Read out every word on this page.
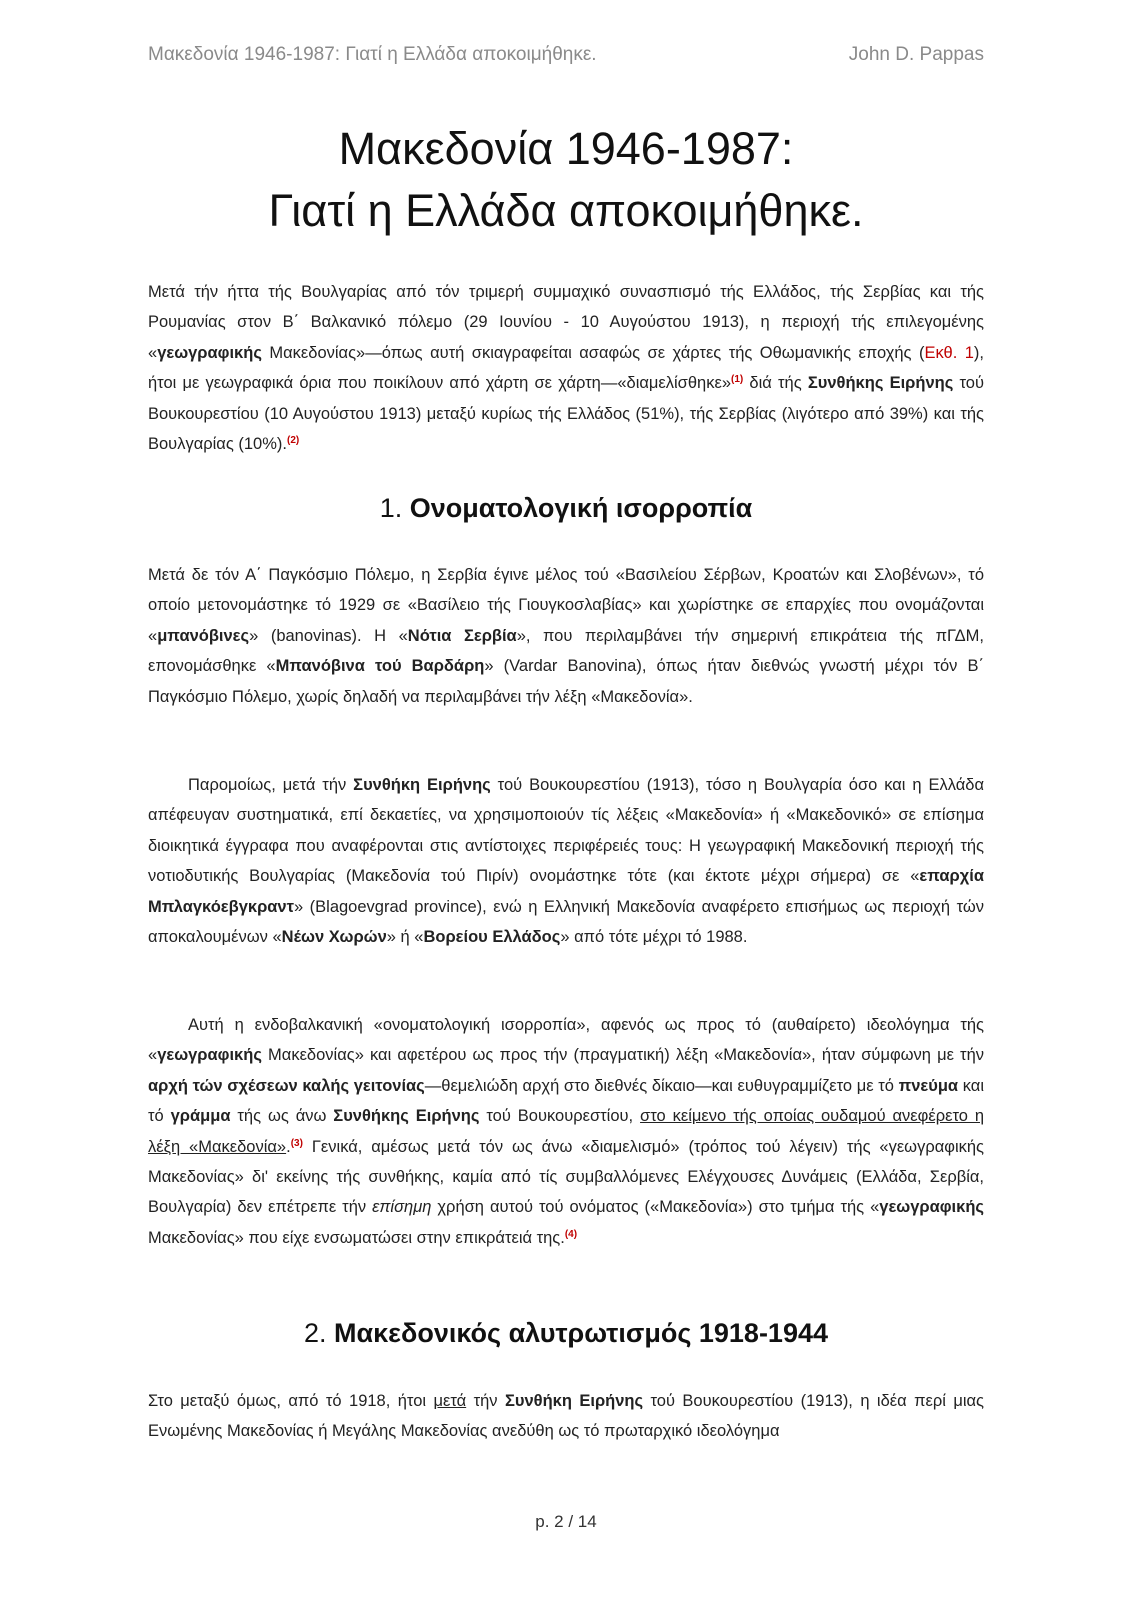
Μακεδονία 1946-1987: Γιατί η Ελλάδα αποκοιμήθηκε.	John D. Pappas
Μακεδονία 1946-1987:
Γιατί η Ελλάδα αποκοιμήθηκε.

Μετά τήν ήττα τής Βουλγαρίας από τόν τριμερή συμμαχικό συνασπισμό τής Ελλάδος, τής Σερβίας και τής Ρουμανίας στον Β΄ Βαλκανικό πόλεμο (29 Ιουνίου - 10 Αυγούστου 1913), η περιοχή τής επιλεγομένης «γεωγραφικής Μακεδονίας»—όπως αυτή σκιαγραφείται ασαφώς σε χάρτες τής Οθωμανικής εποχής (Εκθ. 1), ήτοι με γεωγραφικά όρια που ποικίλουν από χάρτη σε χάρτη—«διαμελίσθηκε»$^{(1)}$ διά τής Συνθήκης Ειρήνης τού Βουκουρεστίου (10 Αυγούστου 1913) μεταξύ κυρίως τής Ελλάδος (51%), τής Σερβίας (λιγότερο από 39%) και τής Βουλγαρίας (10%).$^{(2)}$

1. Ονοματολογική ισορροπία

Μετά δε τόν Α΄ Παγκόσμιο Πόλεμο, η Σερβία έγινε μέλος τού «Βασιλείου Σέρβων, Κροατών και Σλοβένων», τό οποίο μετονομάστηκε τό 1929 σε «Βασίλειο τής Γιουγκοσλαβίας» και χωρίστηκε σε επαρχίες που ονομάζονται «μπανόβινες» (banovinas). Η «Νότια Σερβία», που περιλαμβάνει τήν σημερινή επικράτεια τής πΓΔΜ, επονομάσθηκε «Μπανόβινα τού Βαρδάρη» (Vardar Banovina), όπως ήταν διεθνώς γνωστή μέχρι τόν Β΄ Παγκόσμιο Πόλεμο, χωρίς δηλαδή να περιλαμβάνει τήν λέξη «Μακεδονία».

Παρομοίως, μετά τήν Συνθήκη Ειρήνης τού Βουκουρεστίου (1913), τόσο η Βουλγαρία όσο και η Ελλάδα απέφευγαν συστηματικά, επί δεκαετίες, να χρησιμοποιούν τίς λέξεις «Μακεδονία» ή «Μακεδονικό» σε επίσημα διοικητικά έγγραφα που αναφέρονται στις αντίστοιχες περιφέρειές τους: Η γεωγραφική Μακεδονική περιοχή τής νοτιοδυτικής Βουλγαρίας (Μακεδονία τού Πιρίν) ονομάστηκε τότε (και έκτοτε μέχρι σήμερα) σε «επαρχία Μπλαγκόεβγκραντ» (Blagoevgrad province), ενώ η Ελληνική Μακεδονία αναφέρετο επισήμως ως περιοχή τών αποκαλουμένων «Νέων Χωρών» ή «Βορείου Ελλάδος» από τότε μέχρι τό 1988.

Αυτή η ενδοβαλκανική «ονοματολογική ισορροπία», αφενός ως προς τό (αυθαίρετο) ιδεολόγημα τής «γεωγραφικής Μακεδονίας» και αφετέρου ως προς τήν (πραγματική) λέξη «Μακεδονία», ήταν σύμφωνη με τήν αρχή τών σχέσεων καλής γειτονίας—θεμελιώδη αρχή στο διεθνές δίκαιο—και ευθυγραμμίζετο με τό πνεύμα και τό γράμμα τής ως άνω Συνθήκης Ειρήνης τού Βουκουρεστίου, στο κείμενο τής οποίας ουδαμού ανεφέρετο η λέξη «Μακεδονία».$^{(3)}$ Γενικά, αμέσως μετά τόν ως άνω «διαμελισμό» (τρόπος τού λέγειν) τής «γεωγραφικής Μακεδονίας» δι' εκείνης τής συνθήκης, καμία από τίς συμβαλλόμενες Ελέγχουσες Δυνάμεις (Ελλάδα, Σερβία, Βουλγαρία) δεν επέτρεπε τήν επίσημη χρήση αυτού τού ονόματος («Μακεδονία») στο τμήμα τής «γεωγραφικής Μακεδονίας» που είχε ενσωματώσει στην επικράτειά της.$^{(4)}$

2. Μακεδονικός αλυτρωτισμός 1918-1944

Στο μεταξύ όμως, από τό 1918, ήτοι μετά τήν Συνθήκη Ειρήνης τού Βουκουρεστίου (1913), η ιδέα περί μιας Ενωμένης Μακεδονίας ή Μεγάλης Μακεδονίας ανεδύθη ως τό πρωταρχικό ιδεολόγημα

p. 2 / 14
